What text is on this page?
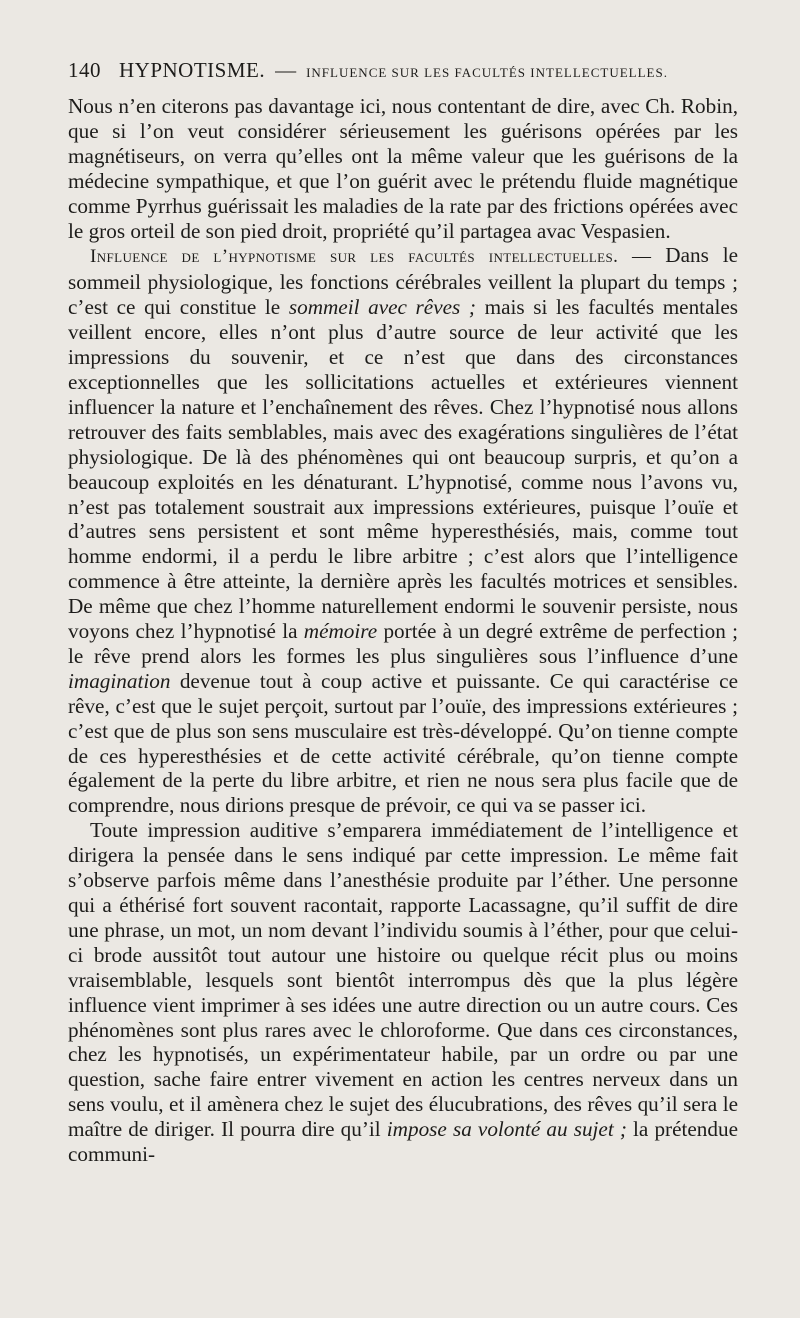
140 HYPNOTISME. — INFLUENCE SUR LES FACULTÉS INTELLECTUELLES.

Nous n’en citerons pas davantage ici, nous contentant de dire, avec Ch. Robin, que si l’on veut considérer sérieusement les guérisons opérées par les magnétiseurs, on verra qu’elles ont la même valeur que les guérisons de la médecine sympathique, et que l’on guérit avec le prétendu fluide magnétique comme Pyrrhus guérissait les maladies de la rate par des frictions opérées avec le gros orteil de son pied droit, propriété qu’il partagea avac Vespasien.

Influence de l’hypnotisme sur les facultés intellectuelles. — Dans le sommeil physiologique, les fonctions cérébrales veillent la plupart du temps ; c’est ce qui constitue le sommeil avec rêves ; mais si les facultés mentales veillent encore, elles n’ont plus d’autre source de leur activité que les impressions du souvenir, et ce n’est que dans des circonstances exceptionnelles que les sollicitations actuelles et extérieures viennent influencer la nature et l’enchaînement des rêves. Chez l’hypnotisé nous allons retrouver des faits semblables, mais avec des exagérations singulières de l’état physiologique. De là des phénomènes qui ont beaucoup surpris, et qu’on a beaucoup exploités en les dénaturant. L’hypnotisé, comme nous l’avons vu, n’est pas totalement soustrait aux impressions extérieures, puisque l’ouïe et d’autres sens persistent et sont même hyperesthésiés, mais, comme tout homme endormi, il a perdu le libre arbitre ; c’est alors que l’intelligence commence à être atteinte, la dernière après les facultés motrices et sensibles. De même que chez l’homme naturellement endormi le souvenir persiste, nous voyons chez l’hypnotisé la mémoire portée à un degré extrême de perfection ; le rêve prend alors les formes les plus singulières sous l’influence d’une imagination devenue tout à coup active et puissante. Ce qui caractérise ce rêve, c’est que le sujet perçoit, surtout par l’ouïe, des impressions extérieures ; c’est que de plus son sens musculaire est très-développé. Qu’on tienne compte de ces hyperesthésies et de cette activité cérébrale, qu’on tienne compte également de la perte du libre arbitre, et rien ne nous sera plus facile que de comprendre, nous dirions presque de prévoir, ce qui va se passer ici.

Toute impression auditive s’emparera immédiatement de l’intelligence et dirigera la pensée dans le sens indiqué par cette impression. Le même fait s’observe parfois même dans l’anesthésie produite par l’éther. Une personne qui a éthérisé fort souvent racontait, rapporte Lacassagne, qu’il suffit de dire une phrase, un mot, un nom devant l’individu soumis à l’éther, pour que celui-ci brode aussitôt tout autour une histoire ou quelque récit plus ou moins vraisemblable, lesquels sont bientôt interrompus dès que la plus légère influence vient imprimer à ses idées une autre direction ou un autre cours. Ces phénomènes sont plus rares avec le chloroforme. Que dans ces circonstances, chez les hypnotisés, un expérimentateur habile, par un ordre ou par une question, sache faire entrer vivement en action les centres nerveux dans un sens voulu, et il amènera chez le sujet des élucubrations, des rêves qu’il sera le maître de diriger. Il pourra dire qu’il impose sa volonté au sujet ; la prétendue communi-
